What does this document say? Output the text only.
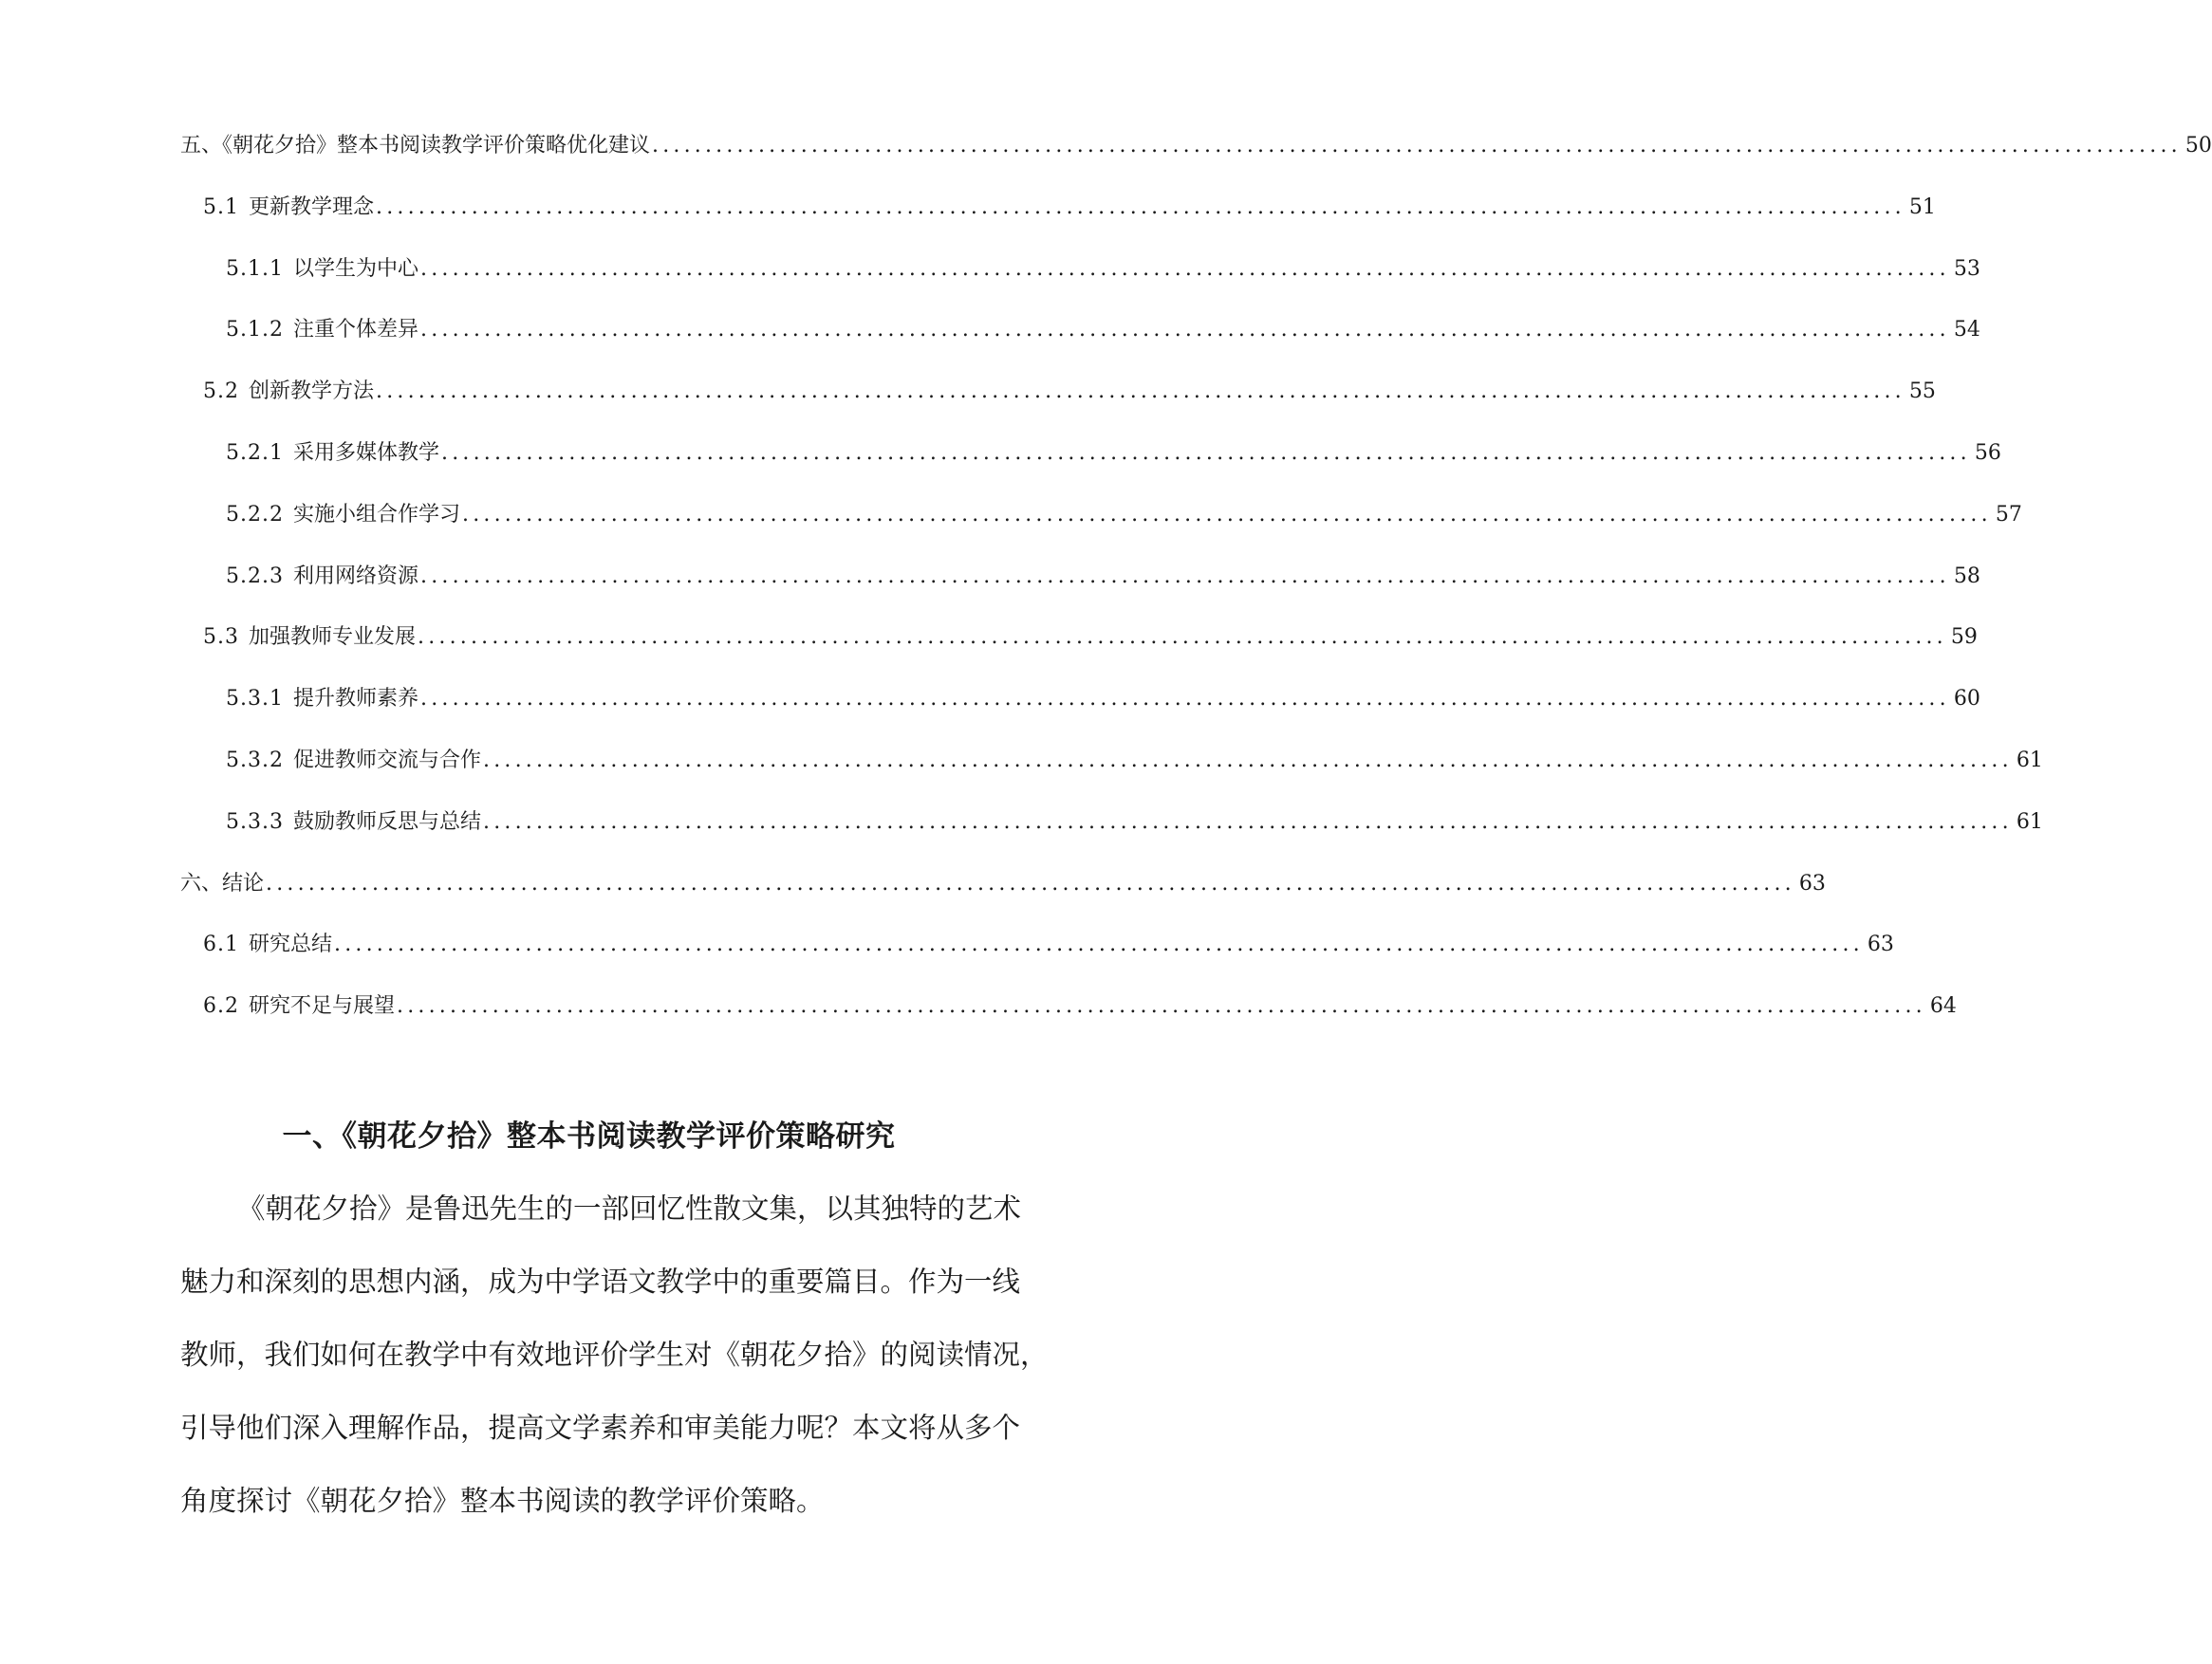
五、《朝花夕拾》整本书阅读教学评价策略优化建议 ................................................................................................................................................ 50
5.1 更新教学理念 ................................................................................................................................................ 51
5.1.1 以学生为中心 ................................................................................................................................................ 53
5.1.2 注重个体差异 ................................................................................................................................................ 54
5.2 创新教学方法 ................................................................................................................................................ 55
5.2.1 采用多媒体教学 ................................................................................................................................................ 56
5.2.2 实施小组合作学习 ................................................................................................................................................ 57
5.2.3 利用网络资源 ................................................................................................................................................ 58
5.3 加强教师专业发展 ................................................................................................................................................ 59
5.3.1 提升教师素养 ................................................................................................................................................ 60
5.3.2 促进教师交流与合作 ................................................................................................................................................ 61
5.3.3 鼓励教师反思与总结 ................................................................................................................................................ 61
六、结论 ................................................................................................................................................ 63
6.1 研究总结 ................................................................................................................................................ 63
6.2 研究不足与展望 ................................................................................................................................................ 64
一、《朝花夕拾》整本书阅读教学评价策略研究
《朝花夕拾》是鲁迅先生的一部回忆性散文集，以其独特的艺术
魅力和深刻的思想内涵，成为中学语文教学中的重要篇目。作为一线
教师，我们如何在教学中有效地评价学生对《朝花夕拾》的阅读情况，
引导他们深入理解作品，提高文学素养和审美能力呢？本文将从多个
角度探讨《朝花夕拾》整本书阅读的教学评价策略。
